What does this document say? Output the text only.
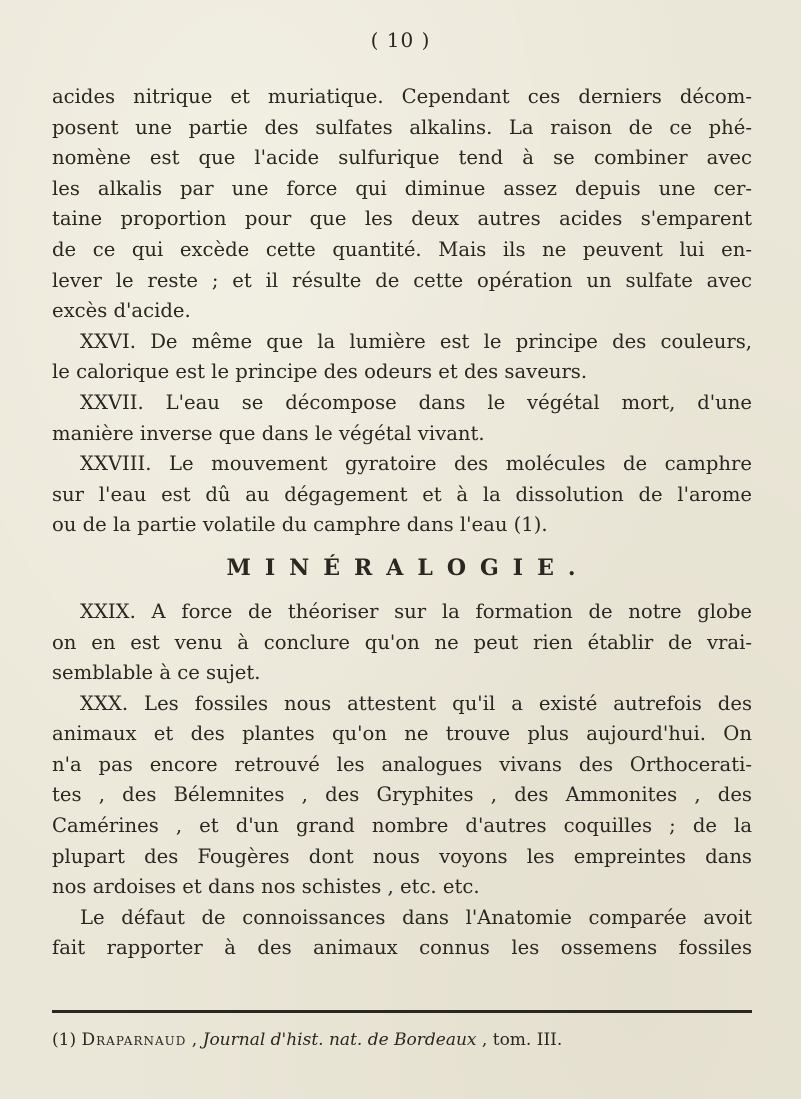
( 10 )
acides nitrique et muriatique. Cependant ces derniers décom-
posent une partie des sulfates alkalins. La raison de ce phé-
nomène est que l'acide sulfurique tend à se combiner avec
les alkalis par une force qui diminue assez depuis une cer-
taine proportion pour que les deux autres acides s'emparent
de ce qui excède cette quantité. Mais ils ne peuvent lui en-
lever le reste ; et il résulte de cette opération un sulfate avec
excès d'acide.
XXVI. De même que la lumière est le principe des couleurs,
le calorique est le principe des odeurs et des saveurs.
XXVII. L'eau se décompose dans le végétal mort, d'une
manière inverse que dans le végétal vivant.
XXVIII. Le mouvement gyratoire des molécules de camphre
sur l'eau est dû au dégagement et à la dissolution de l'arome
ou de la partie volatile du camphre dans l'eau (1).
MINÉRALOGIE.
XXIX. A force de théoriser sur la formation de notre globe
on en est venu à conclure qu'on ne peut rien établir de vrai-
semblable à ce sujet.
XXX. Les fossiles nous attestent qu'il a existé autrefois des
animaux et des plantes qu'on ne trouve plus aujourd'hui. On
n'a pas encore retrouvé les analogues vivans des Orthocerati-
tes , des Bélemnites , des Gryphites , des Ammonites , des
Camérines , et d'un grand nombre d'autres coquilles ; de la
plupart des Fougères dont nous voyons les empreintes dans
nos ardoises et dans nos schistes , etc. etc.
Le défaut de connoissances dans l'Anatomie comparée avoit
fait rapporter à des animaux connus les ossemens fossiles
(1) Draparnaud , Journal d'hist. nat. de Bordeaux , tom. III.
